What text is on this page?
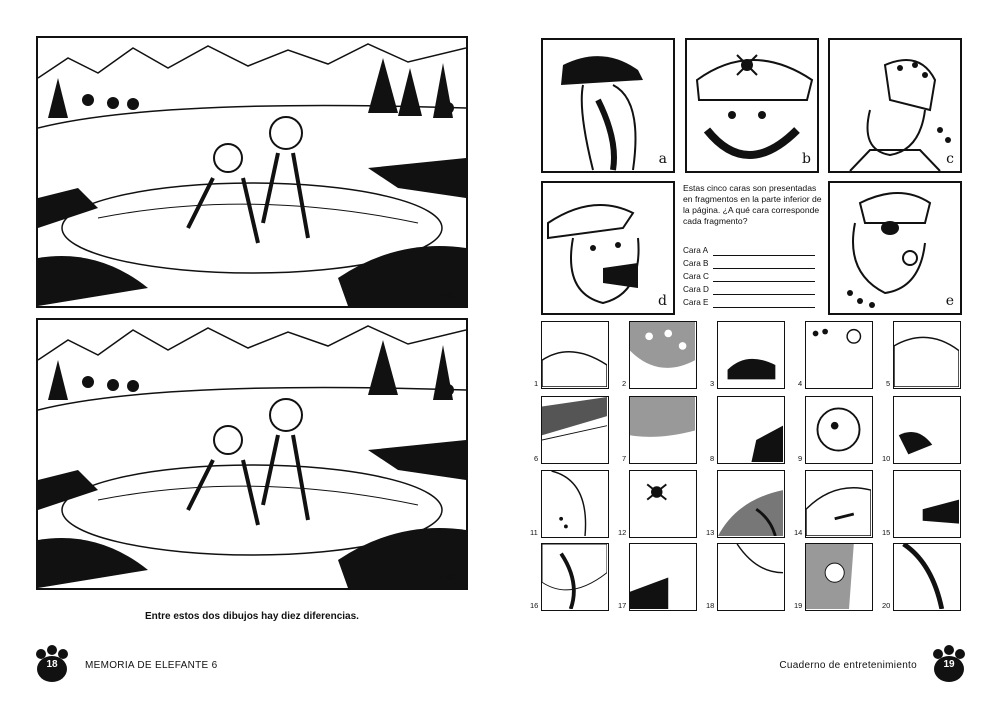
PIC.
PIC.
Entre estos dos dibujos hay diez diferencias.
18	MEMORIA DE ELEFANTE 6
a	b	c
d
Estas cinco caras son presentadas en fragmentos en la parte inferior de la página. ¿A qué cara corresponde cada fragmento?
Cara A
Cara B
Cara C
Cara D
Cara E	e
1	2	3	4	5
6	7	8	9	10
11	12	13	14	15
16	17	18	19	20
Cuaderno de entretenimiento	19
